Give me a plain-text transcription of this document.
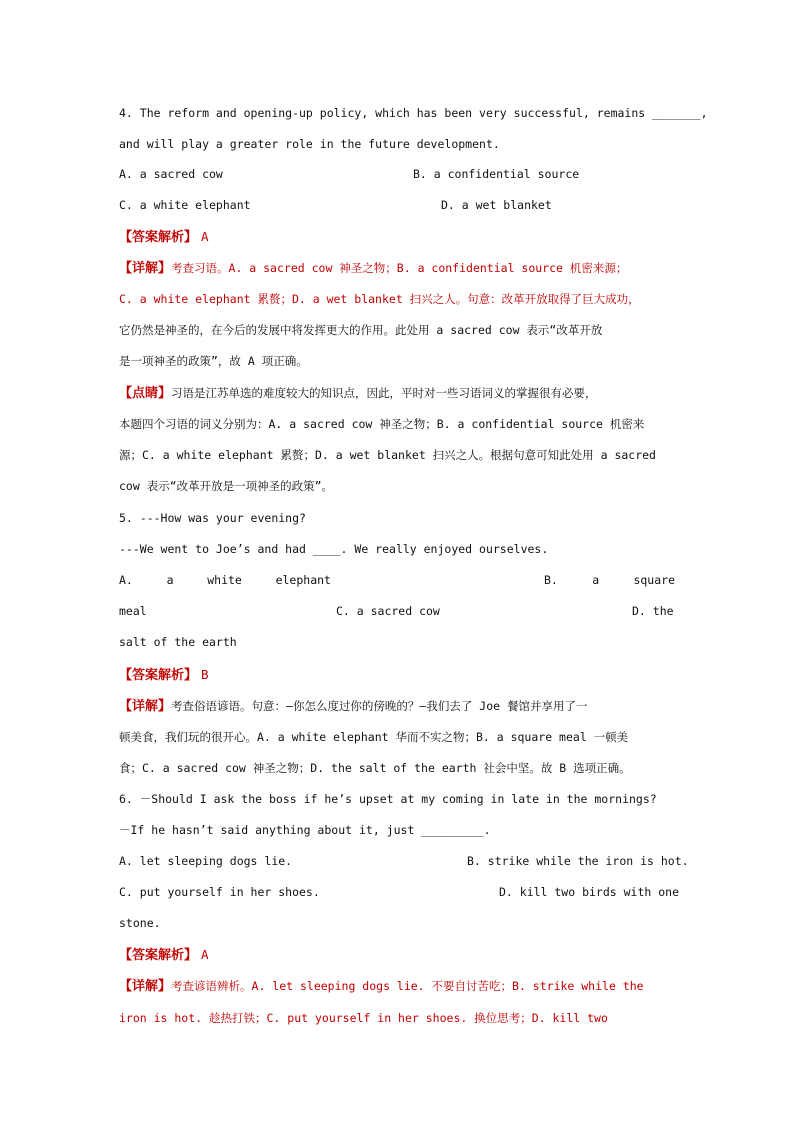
4. The reform and opening-up policy, which has been very successful, remains _______,
and will play a greater role in the future development.
A. a sacred cow	B. a confidential source
C. a white elephant	D. a wet blanket
【答案解析】 A
【详解】考查习语。A. a sacred cow 神圣之物；B. a confidential source 机密来源；
C. a white elephant 累赘；D. a wet blanket 扫兴之人。句意：改革开放取得了巨大成功，
它仍然是神圣的，在今后的发展中将发挥更大的作用。此处用 a sacred cow 表示“改革开放
是一项神圣的政策”，故 A 项正确。
【点睛】习语是江苏单选的难度较大的知识点，因此，平时对一些习语词义的掌握很有必要，
本题四个习语的词义分别为：A. a sacred cow 神圣之物；B. a confidential source 机密来
源；C. a white elephant 累赘；D. a wet blanket 扫兴之人。根据句意可知此处用 a sacred
cow 表示“改革开放是一项神圣的政策”。
5. ---How was your evening?
---We went to Joe’s and had ____. We really enjoyed ourselves.
A.	a	white	elephant	B.	a	square
meal	C. a sacred cow	D. the
salt of the earth
【答案解析】 B
【详解】考查俗语谚语。句意：—你怎么度过你的傍晚的？—我们去了 Joe 餐馆并享用了一
顿美食，我们玩的很开心。A. a white elephant 华而不实之物；B. a square meal 一顿美
食；C. a sacred cow 神圣之物；D. the salt of the earth 社会中坚。故 B 选项正确。
6. －Should I ask the boss if he’s upset at my coming in late in the mornings?
－If he hasn’t said anything about it, just _________.
A. let sleeping dogs lie.	B. strike while the iron is hot.
C. put yourself in her shoes.	D. kill two birds with one
stone.
【答案解析】 A
【详解】考查谚语辨析。A. let sleeping dogs lie. 不要自讨苦吃；B. strike while the
iron is hot. 趁热打铁；C. put yourself in her shoes. 换位思考；D. kill two
